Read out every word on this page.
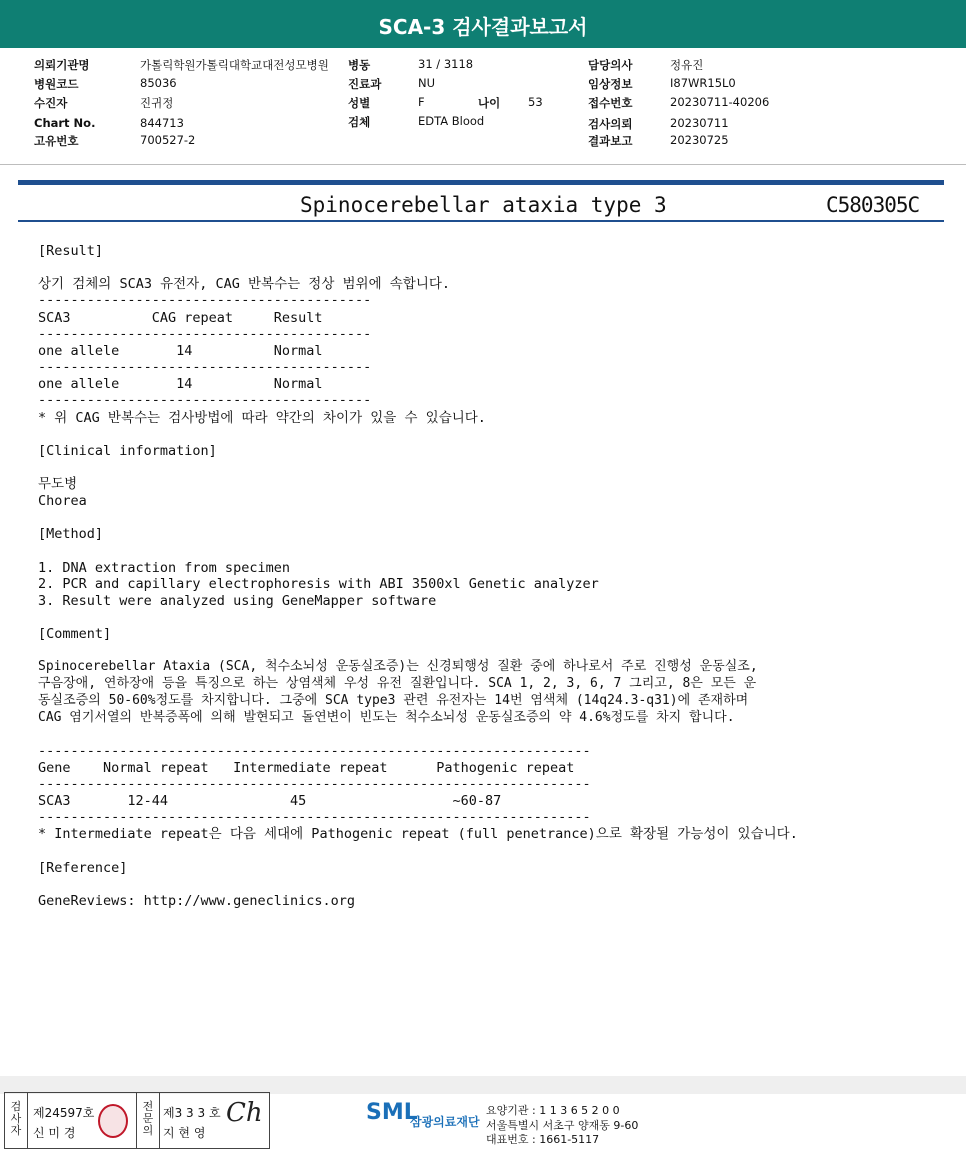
SCA-3 검사결과보고서
의뢰기관명	가톨릭학원가톨릭대학교대전성모병원 병동	31 / 3118	담당의사	정유진
병원코드	85036	진료과	NU	임상정보	I87WR15L0
수진자	진귀정	성별	F	나이 53	접수번호	20230711-40206
Chart No.	844713	검체	EDTA Blood	검사의뢰	20230711
고유번호	700527-2	결과보고	20230725
Spinocerebellar ataxia type 3	C580305C
[Result]
상기 검체의 SCA3 유전자, CAG 반복수는 정상 범위에 속합니다.
-----------------------------------------
SCA3          CAG repeat     Result
-----------------------------------------
one allele       14          Normal
-----------------------------------------
one allele       14          Normal
-----------------------------------------
* 위 CAG 반복수는 검사방법에 따라 약간의 차이가 있을 수 있습니다.
[Clinical information]
무도병
Chorea
[Method]
1. DNA extraction from specimen
2. PCR and capillary electrophoresis with ABI 3500xl Genetic analyzer
3. Result were analyzed using GeneMapper software
[Comment]
Spinocerebellar Ataxia (SCA, 척수소뇌성 운동실조증)는 신경퇴행성 질환 중에 하나로서 주로 진행성 운동실조,
구음장애, 연하장애 등을 특징으로 하는 상염색체 우성 유전 질환입니다. SCA 1, 2, 3, 6, 7 그리고, 8은 모든 운
동실조증의 50-60%정도를 차지합니다. 그중에 SCA type3 관련 유전자는 14번 염색체 (14q24.3-q31)에 존재하며
CAG 염기서열의 반복증폭에 의해 발현되고 돌연변이 빈도는 척수소뇌성 운동실조증의 약 4.6%정도를 차지 합니다.
--------------------------------------------------------------------
Gene    Normal repeat   Intermediate repeat      Pathogenic repeat
--------------------------------------------------------------------
SCA3       12-44               45                  ~60-87
--------------------------------------------------------------------
* Intermediate repeat은 다음 세대에 Pathogenic repeat (full penetrance)으로 확장될 가능성이 있습니다.
[Reference]
GeneReviews: http://www.geneclinics.org
검사자
제24597호
신 미 경
전문의
제3 3 3 호
지 현 영
Ch	SML
삼광의료재단
요양기관 : 1 1 3 6 5 2 0 0
서울특별시 서초구 양재동 9-60
대표번호 : 1661-5117
